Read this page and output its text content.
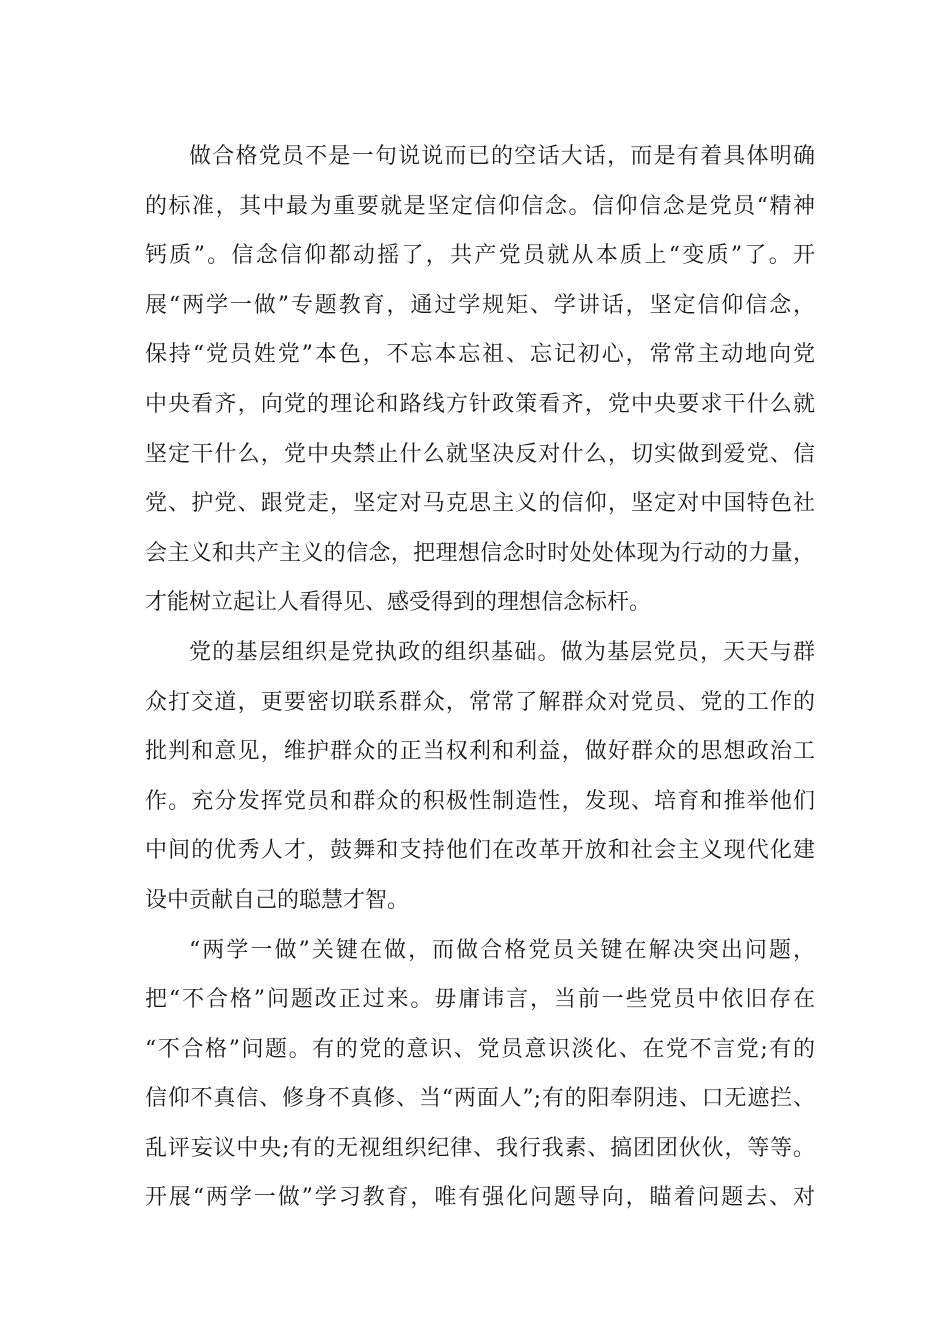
做合格党员不是一句说说而已的空话大话，而是有着具体明确
的标准，其中最为重要就是坚定信仰信念。信仰信念是党员“精神
钙质”。信念信仰都动摇了，共产党员就从本质上“变质”了。开
展“两学一做”专题教育，通过学规矩、学讲话，坚定信仰信念，
保持“党员姓党”本色，不忘本忘祖、忘记初心，常常主动地向党
中央看齐，向党的理论和路线方针政策看齐，党中央要求干什么就
坚定干什么，党中央禁止什么就坚决反对什么，切实做到爱党、信
党、护党、跟党走，坚定对马克思主义的信仰，坚定对中国特色社
会主义和共产主义的信念，把理想信念时时处处体现为行动的力量，
才能树立起让人看得见、感受得到的理想信念标杆。
党的基层组织是党执政的组织基础。做为基层党员，天天与群
众打交道，更要密切联系群众，常常了解群众对党员、党的工作的
批判和意见，维护群众的正当权利和利益，做好群众的思想政治工
作。充分发挥党员和群众的积极性制造性，发现、培育和推举他们
中间的优秀人才，鼓舞和支持他们在改革开放和社会主义现代化建
设中贡献自己的聪慧才智。
“两学一做”关键在做，而做合格党员关键在解决突出问题，
把“不合格”问题改正过来。毋庸讳言，当前一些党员中依旧存在
“不合格”问题。有的党的意识、党员意识淡化、在党不言党;有的
信仰不真信、修身不真修、当“两面人”;有的阳奉阴违、口无遮拦、
乱评妄议中央;有的无视组织纪律、我行我素、搞团团伙伙，等等。
开展“两学一做”学习教育，唯有强化问题导向，瞄着问题去、对
